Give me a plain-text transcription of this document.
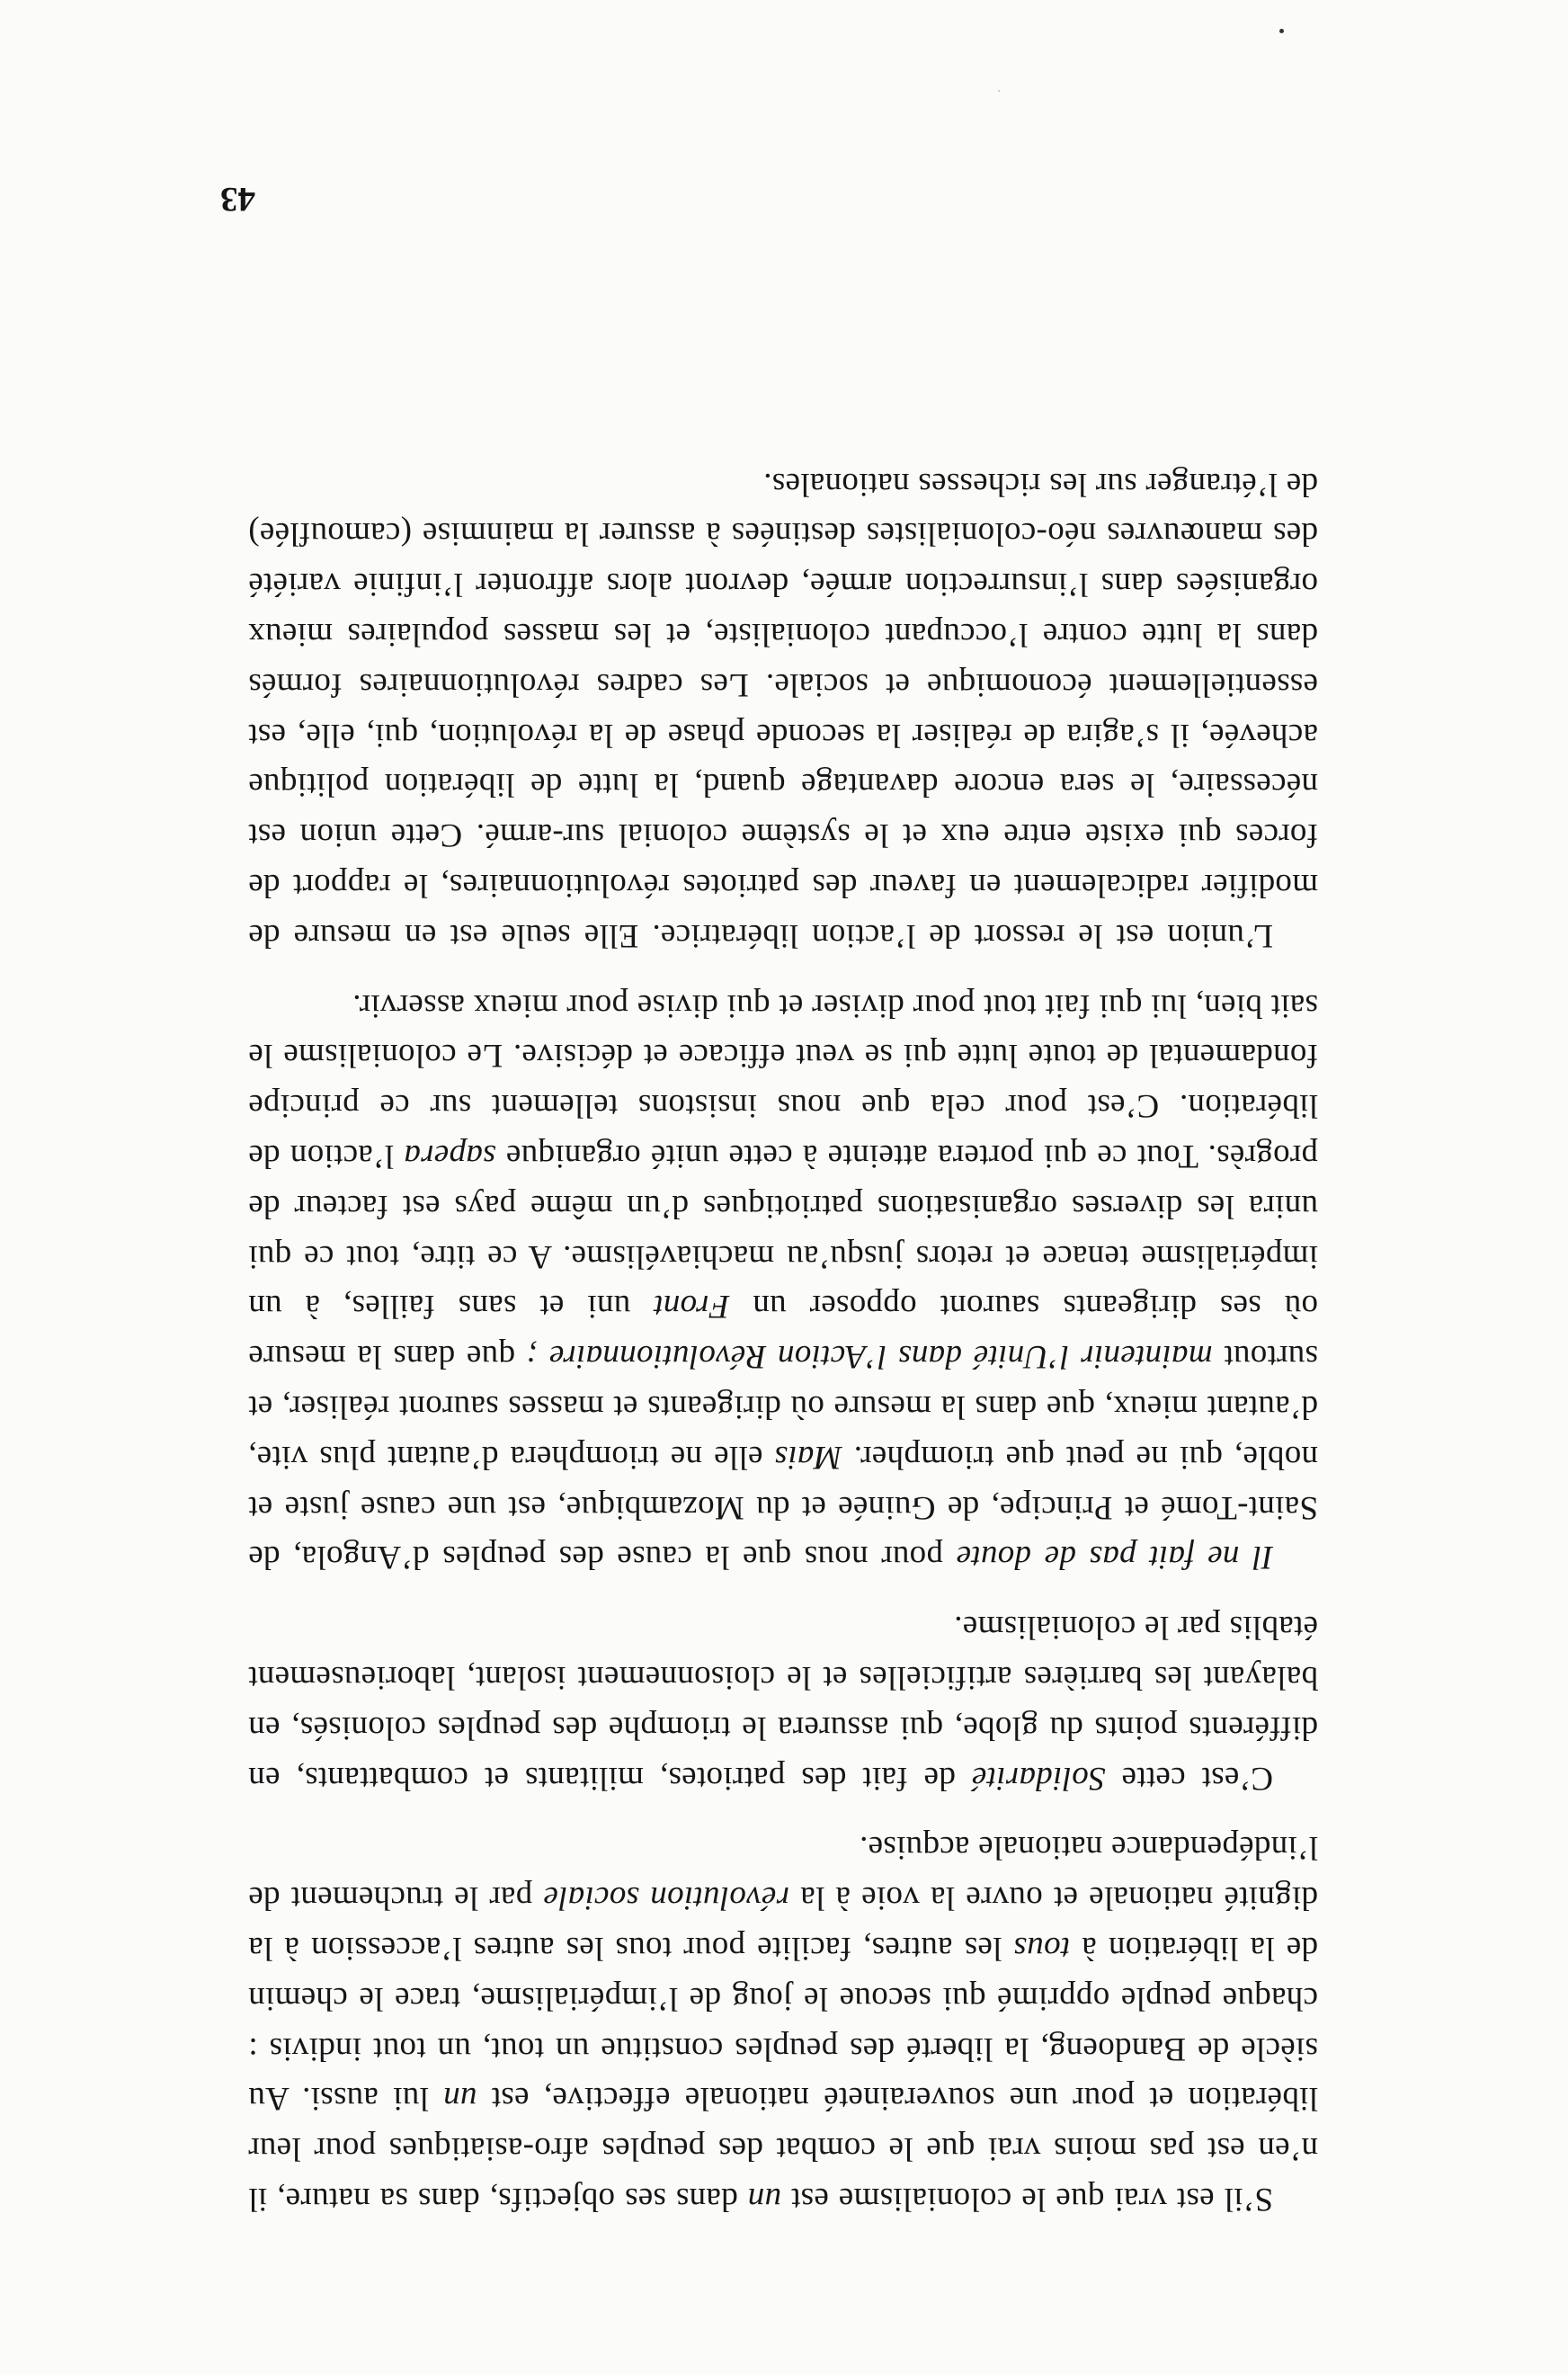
S’il est vrai que le colonialisme est un dans ses objectifs, dans sa nature, il n’en est pas moins vrai que le combat des peuples afro-asiatiques pour leur libération et pour une souveraineté nationale effective, est un lui aussi. Au siècle de Bandoeng, la liberté des peuples constitue un tout, un tout indivis : chaque peuple opprimé qui secoue le joug de l’impérialisme, trace le chemin de la libération à tous les autres, facilite pour tous les autres l’accession à la dignité nationale et ouvre la voie à la révolution sociale par le truchement de l’indépendance nationale acquise.

C’est cette Solidarité de fait des patriotes, militants et combattants, en différents points du globe, qui assurera le triomphe des peuples colonisés, en balayant les barrières artificielles et le cloisonnement isolant, laborieusement établis par le colonialisme.

Il ne fait pas de doute pour nous que la cause des peuples d’Angola, de Saint-Tomé et Principe, de Guinée et du Mozambique, est une cause juste et noble, qui ne peut que triompher. Mais elle ne triomphera d’autant plus vite, d’autant mieux, que dans la mesure où dirigeants et masses sauront réaliser, et surtout maintenir l’Unité dans l’Action Révolutionnaire ; que dans la mesure où ses dirigeants sauront opposer un Front uni et sans failles, à un impérialisme tenace et retors jusqu’au machiavélisme. A ce titre, tout ce qui unira les diverses organisations patriotiques d’un même pays est facteur de progrès. Tout ce qui portera atteinte à cette unité organique sapera l’action de libération. C’est pour cela que nous insistons tellement sur ce principe fondamental de toute lutte qui se veut efficace et décisive. Le colonialisme le sait bien, lui qui fait tout pour diviser et qui divise pour mieux asservir.

L’union est le ressort de l’action libératrice. Elle seule est en mesure de modifier radicalement en faveur des patriotes révolutionnaires, le rapport de forces qui existe entre eux et le système colonial sur-armé. Cette union est nécessaire, le sera encore davantage quand, la lutte de libération politique achevée, il s’agira de réaliser la seconde phase de la révolution, qui, elle, est essentiellement économique et sociale. Les cadres révolutionnaires formés dans la lutte contre l’occupant colonialiste, et les masses populaires mieux organisées dans l’insurrection armée, devront alors affronter l’infinie variété des manœuvres néo-colonialistes destinées à assurer la mainmise (camouflée) de l’étranger sur les richesses nationales.

43
